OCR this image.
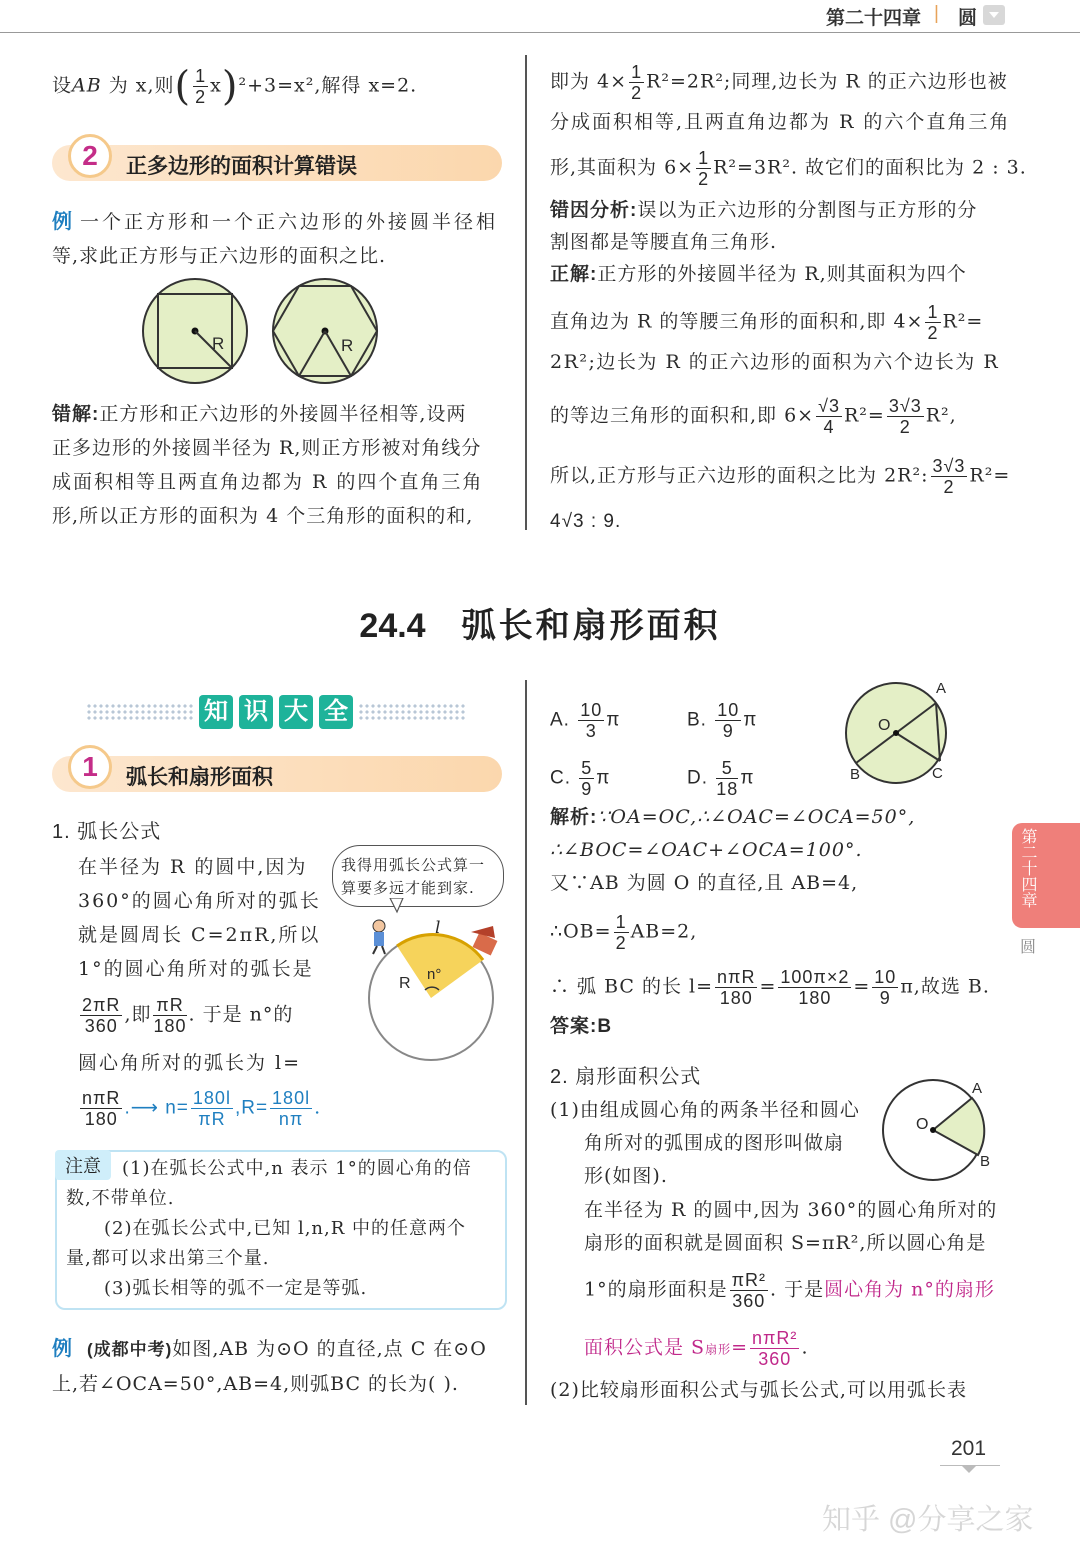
第二十四章 | 圆
设AB 为 x,则( $\frac{1}{2} x)^2+3=x^2$,解得 x=2.
2	正多边形的面积计算错误
例 一个正方形和一个正六边形的外接圆半径相
等,求此正方形与正六边形的面积之比.
R	R
错解:正方形和正六边形的外接圆半径相等,设两
正多边形的外接圆半径为 R,则正方形被对角线分
成面积相等且两直角边都为 R 的四个直角三角
形,所以正方形的面积为 4 个三角形的面积的和,
即为 $4\times \frac{1}{2} R^2=2R^2$;同理,边长为 R 的正六边形也被
分成面积相等,且两直角边都为 R 的六个直角三角
形,其面积为 $6\times \frac{1}{2} R^2=3R^2$. 故它们的面积比为 2 : 3.
错因分析:误以为正六边形的分割图与正方形的分
割图都是等腰直角三角形.
正解:正方形的外接圆半径为 R,则其面积为四个
直角边为 R 的等腰三角形的面积和,即 $4\times \frac{1}{2} R^2=$
2R²;边长为 R 的正六边形的面积为六个边长为 R
的等边三角形的面积和,即 $6\times \frac{√3}{4} R^2= \frac{3√3}{2} R^2$,
所以,正方形与正六边形的面积之比为 2R²: $\frac{3√3}{2} R^2=$
4√3 : 9.
24.4 弧长和扇形面积
知 识 大 全
1	弧长和扇形面积
1. 弧长公式
在半径为 R 的圆中,因为
360°的圆心角所对的弧长
就是圆周长 C=2πR,所以
1°的圆心角所对的弧长是
$\frac{2\pi R}{360}$ ,即 $\frac{\pi R}{180}$ . 于是 n°的
圆心角所对的弧长为 l=
$\frac{\text{nπR}}{180}$ .⟶ $n= \frac{180l}{\pi R} ,R= \frac{180l}{n\pi}$ .
我得用弧长公式算一
算要多远才能到家.
l
n°
R
注意	(1)在弧长公式中,n 表示 1°的圆心角的倍
数,不带单位.
(2)在弧长公式中,已知 l,n,R 中的任意两个
量,都可以求出第三个量.
(3)弧长相等的弧不一定是等弧.
例 (成都中考)如图,AB 为⊙O 的直径,点 C 在⊙O
上,若∠OCA=50°,AB=4,则弧BC 的长为( ).
A. $\frac{10}{3}$ π	B. $\frac{10}{9}$ π
C. $\frac{5}{9}$ π	D. $\frac{5}{18}$ π
A
O
B	C
解析:∵OA=OC,∴∠OAC=∠OCA=50°,
∴∠BOC=∠OAC+∠OCA=100°.
又∵AB 为圆 O 的直径,且 AB=4,
∴OB= $\frac{1}{2} AB=2$,
∴ 弧 BC 的长 $l= \frac{\text{nπR}}{180} = \frac{100\pi\times 2}{180} = \frac{10}{9} \pi$,故选 B.
答案:B
2. 扇形面积公式
(1)由组成圆心角的两条半径和圆心
角所对的弧围成的图形叫做扇
形(如图).
O
A
B
在半径为 R 的圆中,因为 360°的圆心角所对的
扇形的面积就是圆面积 S=πR²,所以圆心角是
1°的扇形面积是 $\frac{\text{πR²}}{360}$ . 于是圆心角为 n°的扇形
面积公式是 S扇形= $\frac{\text{nπR²}}{360}$ .
(2)比较扇形面积公式与弧长公式,可以用弧长表
第二十四章
圆
201
知乎 @分享之家
